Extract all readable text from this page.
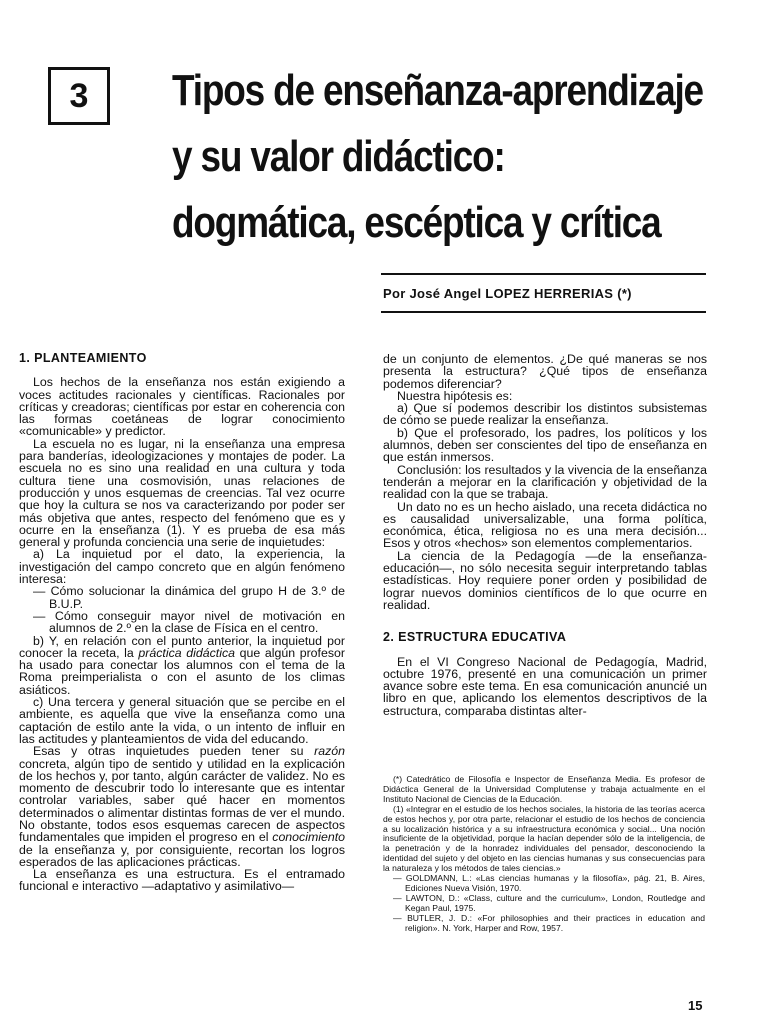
3 Tipos de enseñanza-aprendizaje
y su valor didáctico:
dogmática, escéptica y crítica
Por José Angel LOPEZ HERRERIAS (*)

1. PLANTEAMIENTO

Los hechos de la enseñanza nos están exigiendo a voces actitudes racionales y científicas. Racionales por críticas y creadoras; científicas por estar en coherencia con las formas coetáneas de lograr conocimiento «comunicable» y predictor.

La escuela no es lugar, ni la enseñanza una empresa para banderías, ideologizaciones y montajes de poder. La escuela no es sino una realidad en una cultura y toda cultura tiene una cosmovisión, unas relaciones de producción y unos esquemas de creencias. Tal vez ocurre que hoy la cultura se nos va caracterizando por poder ser más objetiva que antes, respecto del fenómeno que es y ocurre en la enseñanza (1). Y es prueba de esa más general y profunda conciencia una serie de inquietudes:

a) La inquietud por el dato, la experiencia, la investigación del campo concreto que en algún fenómeno interesa:

— Cómo solucionar la dinámica del grupo H de 3.º de B.U.P.

— Cómo conseguir mayor nivel de motivación en alumnos de 2.º en la clase de Física en el centro.

b) Y, en relación con el punto anterior, la inquietud por conocer la receta, la práctica didáctica que algún profesor ha usado para conectar los alumnos con el tema de la Roma preimperialista o con el asunto de los climas asiáticos.

c) Una tercera y general situación que se percibe en el ambiente, es aquella que vive la enseñanza como una captación de estilo ante la vida, o un intento de influir en las actitudes y planteamientos de vida del educando.

Esas y otras inquietudes pueden tener su razón concreta, algún tipo de sentido y utilidad en la explicación de los hechos y, por tanto, algún carácter de validez. No es momento de descubrir todo lo interesante que es intentar controlar variables, saber qué hacer en momentos determinados o alimentar distintas formas de ver el mundo. No obstante, todos esos esquemas carecen de aspectos fundamentales que impiden el progreso en el conocimiento de la enseñanza y, por consiguiente, recortan los logros esperados de las aplicaciones prácticas.

La enseñanza es una estructura. Es el entramado funcional e interactivo —adaptativo y asimilativo—

de un conjunto de elementos. ¿De qué maneras se nos presenta la estructura? ¿Qué tipos de enseñanza podemos diferenciar?

Nuestra hipótesis es:

a) Que sí podemos describir los distintos subsistemas de cómo se puede realizar la enseñanza.

b) Que el profesorado, los padres, los políticos y los alumnos, deben ser conscientes del tipo de enseñanza en que están inmersos.

Conclusión: los resultados y la vivencia de la enseñanza tenderán a mejorar en la clarificación y objetividad de la realidad con la que se trabaja.

Un dato no es un hecho aislado, una receta didáctica no es causalidad universalizable, una forma política, económica, ética, religiosa no es una mera decisión... Esos y otros «hechos» son elementos complementarios.

La ciencia de la Pedagogía —de la enseñanza-educación—, no sólo necesita seguir interpretando tablas estadísticas. Hoy requiere poner orden y posibilidad de lograr nuevos dominios científicos de lo que ocurre en realidad.

2. ESTRUCTURA EDUCATIVA

En el VI Congreso Nacional de Pedagogía, Madrid, octubre 1976, presenté en una comunicación un primer avance sobre este tema. En esa comunicación anuncié un libro en que, aplicando los elementos descriptivos de la estructura, comparaba distintas alter-

(*) Catedrático de Filosofía e Inspector de Enseñanza Media. Es profesor de Didáctica General de la Universidad Complutense y trabaja actualmente en el Instituto Nacional de Ciencias de la Educación.

(1) «Integrar en el estudio de los hechos sociales, la historia de las teorías acerca de estos hechos y, por otra parte, relacionar el estudio de los hechos de conciencia a su localización histórica y a su infraestructura económica y social... Una noción insuficiente de la objetividad, porque la hacían depender sólo de la inteligencia, de la penetración y de la honradez individuales del pensador, desconociendo la identidad del sujeto y del objeto en las ciencias humanas y sus consecuencias para la naturaleza y los métodos de tales ciencias.»

— GOLDMANN, L.: «Las ciencias humanas y la filosofía», pág. 21, B. Aires, Ediciones Nueva Visión, 1970.

— LAWTON, D.: «Class, culture and the curriculum», London, Routledge and Kegan Paul, 1975.

— BUTLER, J. D.: «For philosophies and their practices in education and religion». N. York, Harper and Row, 1957.

15
